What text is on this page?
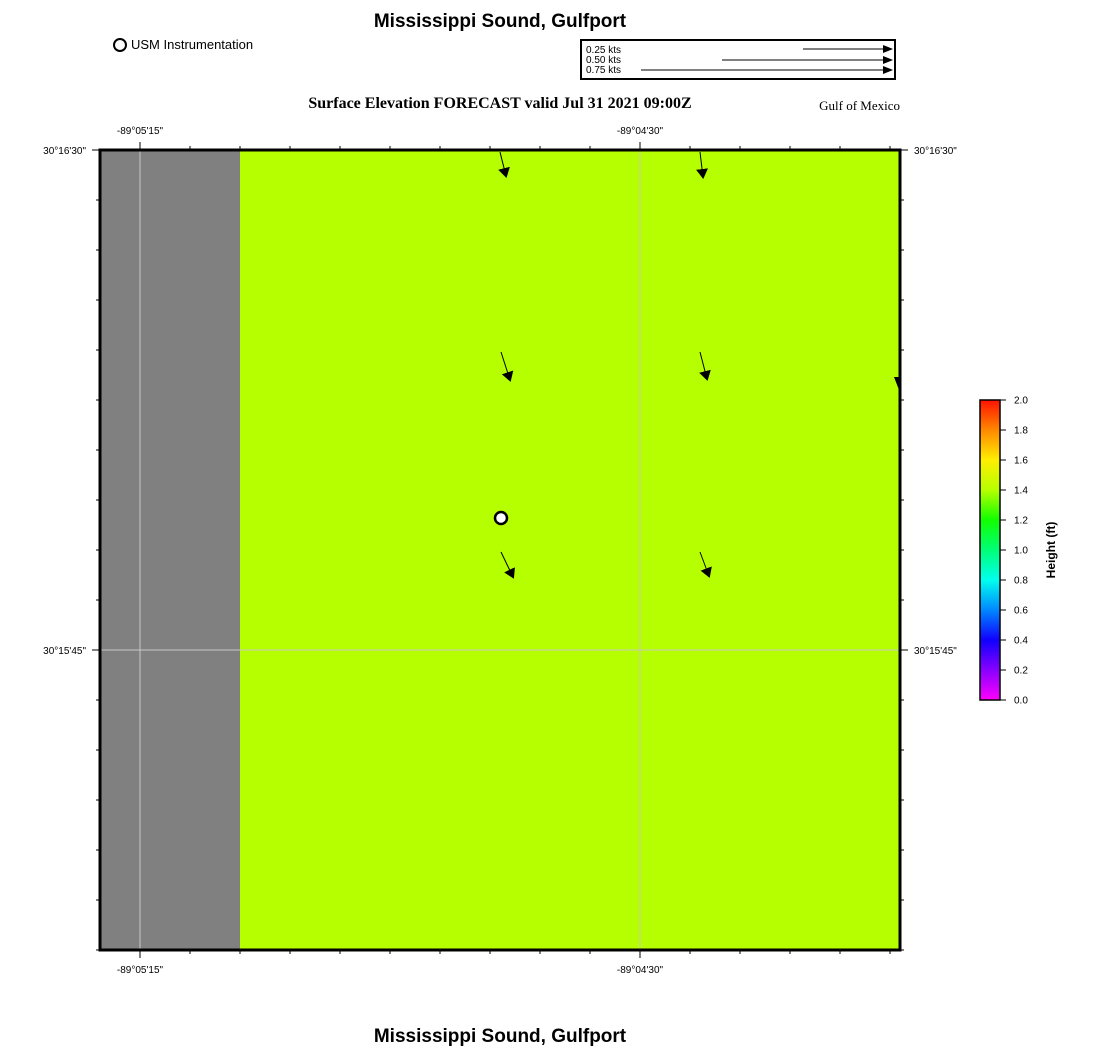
Mississippi Sound, Gulfport
USM Instrumentation
Surface Elevation FORECAST valid Jul 31 2021 09:00Z	Gulf of Mexico
Mississippi Sound, Gulfport
0.25 kts
0.50 kts
0.75 kts
-89°05'15"	-89°04'30"
-89°05'15"	-89°04'30"
30°16'30"
30°15'45"
30°16'30"
30°15'45"
2.0
1.8
1.6
1.4
1.2
1.0
0.8
0.6
0.4
0.2
0.0
Height (ft)
